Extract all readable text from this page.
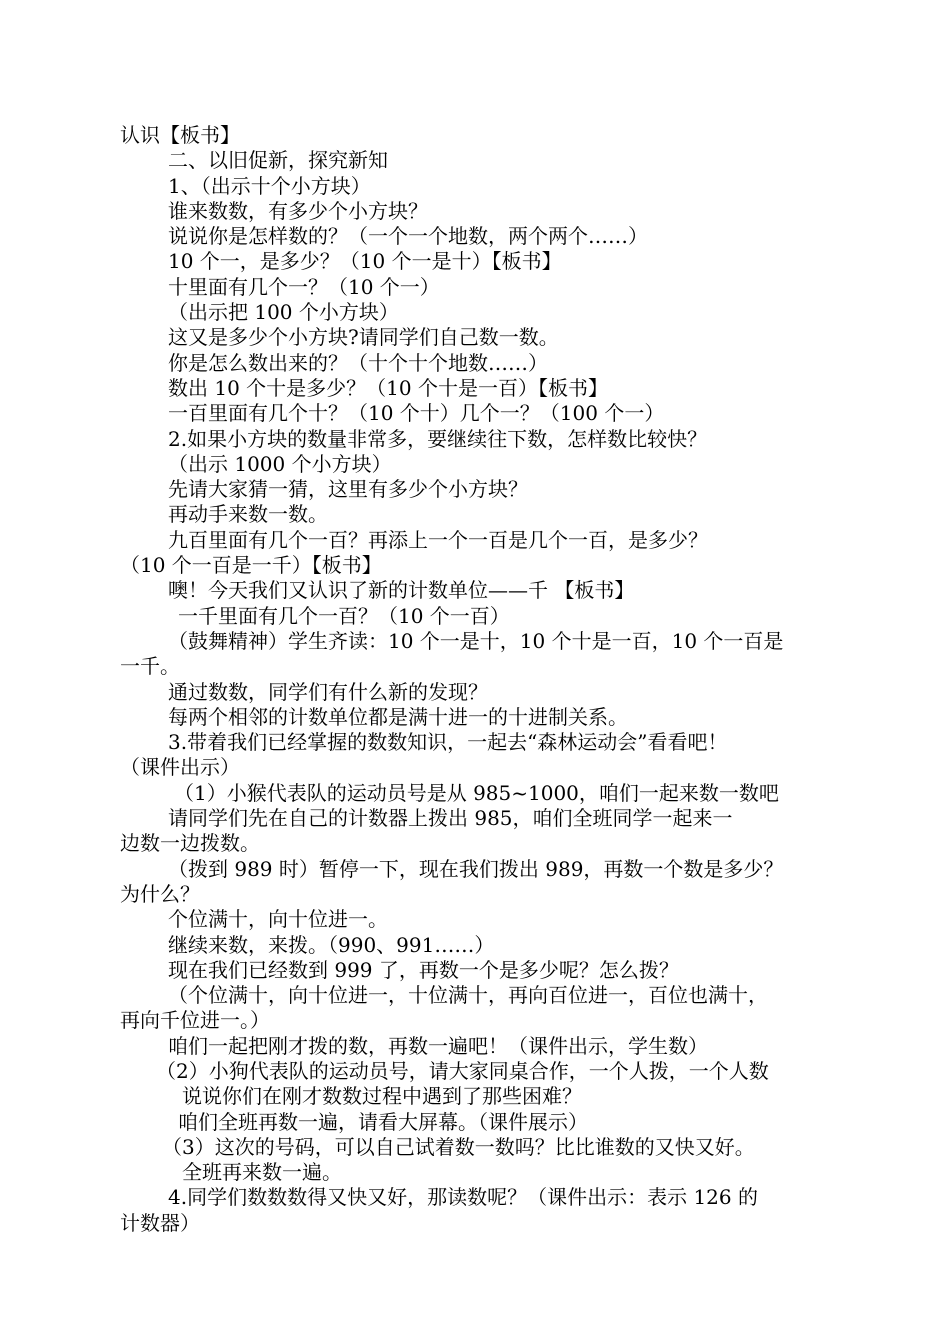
认识【板书】
二、以旧促新，探究新知
1、（出示十个小方块）
谁来数数，有多少个小方块？
说说你是怎样数的？（一个一个地数，两个两个……）
10 个一，是多少？（10 个一是十）【板书】
十里面有几个一？（10 个一）
（出示把 100 个小方块）
这又是多少个小方块?请同学们自己数一数。
你是怎么数出来的？（十个十个地数……）
数出 10 个十是多少？（10 个十是一百）【板书】
一百里面有几个十？（10 个十）几个一？（100 个一）
2.如果小方块的数量非常多，要继续往下数，怎样数比较快？
（出示 1000 个小方块）
先请大家猜一猜，这里有多少个小方块？
再动手来数一数。
九百里面有几个一百？再添上一个一百是几个一百，是多少？
（10 个一百是一千）【板书】
噢！今天我们又认识了新的计数单位——千 【板书】
一千里面有几个一百？（10 个一百）
（鼓舞精神）学生齐读：10 个一是十，10 个十是一百，10 个一百是
一千。
通过数数，同学们有什么新的发现？
每两个相邻的计数单位都是满十进一的十进制关系。
3.带着我们已经掌握的数数知识，一起去“森林运动会”看看吧！
（课件出示）
（1）小猴代表队的运动员号是从 985~1000，咱们一起来数一数吧
请同学们先在自己的计数器上拨出 985，咱们全班同学一起来一
边数一边拨数。
（拨到 989 时）暂停一下，现在我们拨出 989，再数一个数是多少？
为什么？
个位满十，向十位进一。
继续来数，来拨。（990、991……）
现在我们已经数到 999 了，再数一个是多少呢？怎么拨？
（个位满十，向十位进一，十位满十，再向百位进一，百位也满十，
再向千位进一。）
咱们一起把刚才拨的数，再数一遍吧！（课件出示，学生数）
（2）小狗代表队的运动员号，请大家同桌合作，一个人拨，一个人数
说说你们在刚才数数过程中遇到了那些困难？
咱们全班再数一遍，请看大屏幕。（课件展示）
（3）这次的号码，可以自己试着数一数吗？比比谁数的又快又好。
全班再来数一遍。
4.同学们数数数得又快又好，那读数呢？（课件出示：表示 126 的
计数器）
